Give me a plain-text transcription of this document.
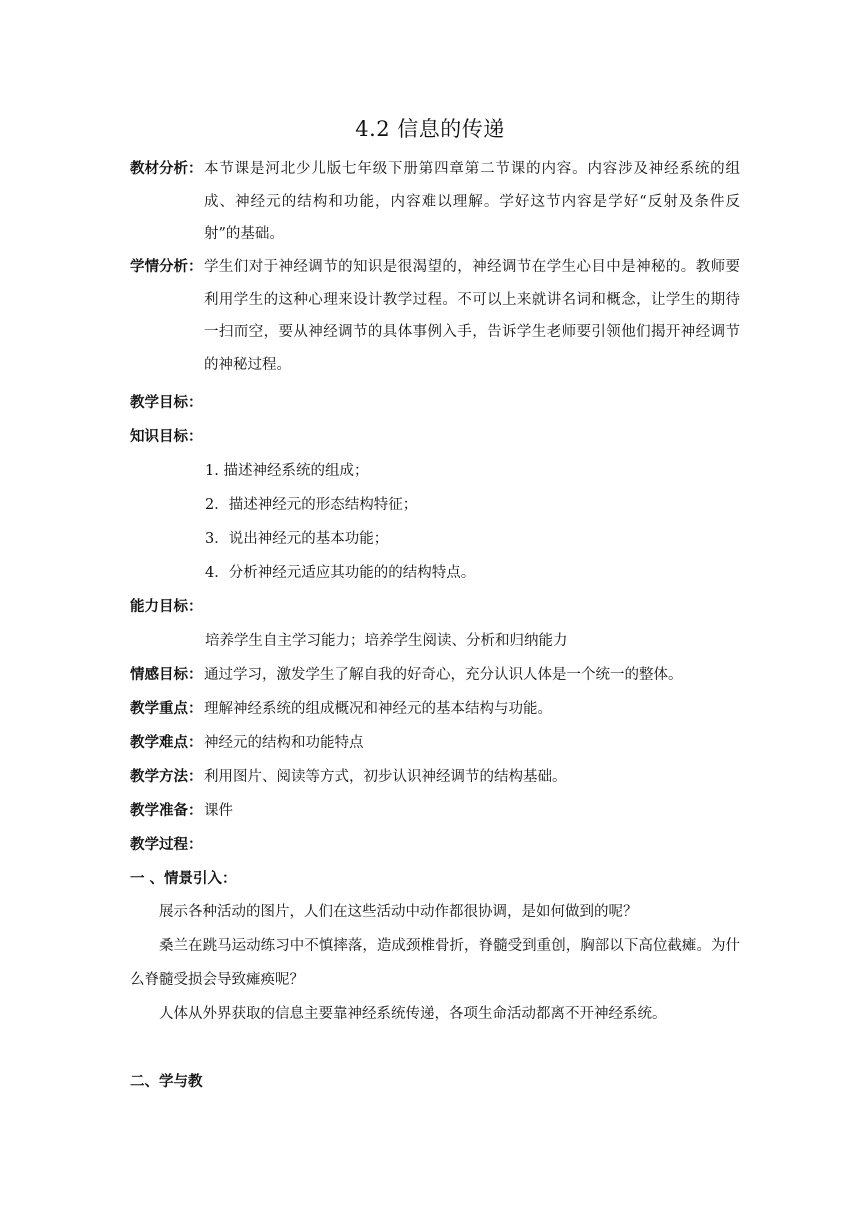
4.2 信息的传递
教材分析： 本节课是河北少儿版七年级下册第四章第二节课的内容。内容涉及神经系统的组成、神经元的结构和功能，内容难以理解。学好这节内容是学好“反射及条件反射”的基础。
学情分析： 学生们对于神经调节的知识是很渴望的，神经调节在学生心目中是神秘的。教师要利用学生的这种心理来设计教学过程。不可以上来就讲名词和概念，让学生的期待一扫而空，要从神经调节的具体事例入手，告诉学生老师要引领他们揭开神经调节的神秘过程。
教学目标：
知识目标：
1. 描述神经系统的组成；
2．描述神经元的形态结构特征；
3．说出神经元的基本功能；
4．分析神经元适应其功能的的结构特点。
能力目标：
培养学生自主学习能力；培养学生阅读、分析和归纳能力
情感目标： 通过学习，激发学生了解自我的好奇心，充分认识人体是一个统一的整体。
教学重点： 理解神经系统的组成概况和神经元的基本结构与功能。
教学难点： 神经元的结构和功能特点
教学方法： 利用图片、阅读等方式，初步认识神经调节的结构基础。
教学准备： 课件
教学过程：
一 、情景引入：
展示各种活动的图片，人们在这些活动中动作都很协调，是如何做到的呢？
桑兰在跳马运动练习中不慎摔落，造成颈椎骨折，脊髓受到重创，胸部以下高位截瘫。为什么脊髓受损会导致瘫痪呢？
人体从外界获取的信息主要靠神经系统传递，各项生命活动都离不开神经系统。
二、学与教
